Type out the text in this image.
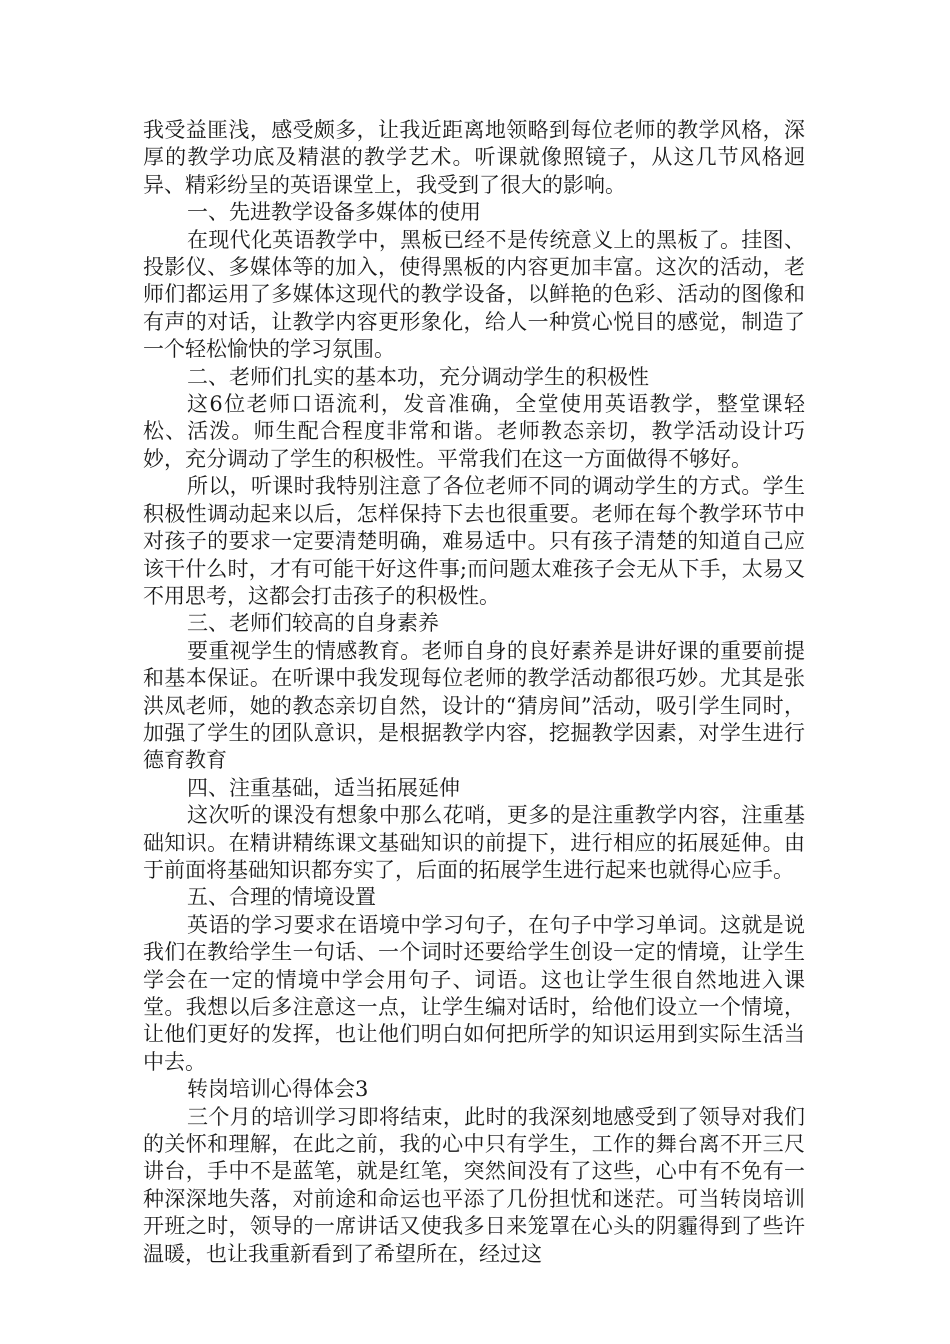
我受益匪浅，感受颇多，让我近距离地领略到每位老师的教学风格，深厚的教学功底及精湛的教学艺术。听课就像照镜子，从这几节风格迥异、精彩纷呈的英语课堂上，我受到了很大的影响。

一、先进教学设备多媒体的使用

在现代化英语教学中，黑板已经不是传统意义上的黑板了。挂图、投影仪、多媒体等的加入，使得黑板的内容更加丰富。这次的活动，老师们都运用了多媒体这现代的教学设备，以鲜艳的色彩、活动的图像和有声的对话，让教学内容更形象化，给人一种赏心悦目的感觉，制造了一个轻松愉快的学习氛围。

二、老师们扎实的基本功，充分调动学生的积极性

这6位老师口语流利，发音准确，全堂使用英语教学，整堂课轻松、活泼。师生配合程度非常和谐。老师教态亲切，教学活动设计巧妙，充分调动了学生的积极性。平常我们在这一方面做得不够好。

所以，听课时我特别注意了各位老师不同的调动学生的方式。学生积极性调动起来以后，怎样保持下去也很重要。老师在每个教学环节中对孩子的要求一定要清楚明确，难易适中。只有孩子清楚的知道自己应该干什么时，才有可能干好这件事;而问题太难孩子会无从下手，太易又不用思考，这都会打击孩子的积极性。

三、老师们较高的自身素养

要重视学生的情感教育。老师自身的良好素养是讲好课的重要前提和基本保证。在听课中我发现每位老师的教学活动都很巧妙。尤其是张洪凤老师，她的教态亲切自然，设计的“猜房间”活动，吸引学生同时，加强了学生的团队意识，是根据教学内容，挖掘教学因素，对学生进行德育教育

四、注重基础，适当拓展延伸

这次听的课没有想象中那么花哨，更多的是注重教学内容，注重基础知识。在精讲精练课文基础知识的前提下，进行相应的拓展延伸。由于前面将基础知识都夯实了，后面的拓展学生进行起来也就得心应手。

五、合理的情境设置

英语的学习要求在语境中学习句子，在句子中学习单词。这就是说我们在教给学生一句话、一个词时还要给学生创设一定的情境，让学生学会在一定的情境中学会用句子、词语。这也让学生很自然地进入课堂。我想以后多注意这一点，让学生编对话时，给他们设立一个情境，让他们更好的发挥，也让他们明白如何把所学的知识运用到实际生活当中去。

转岗培训心得体会3

三个月的培训学习即将结束，此时的我深刻地感受到了领导对我们的关怀和理解，在此之前，我的心中只有学生，工作的舞台离不开三尺讲台，手中不是蓝笔，就是红笔，突然间没有了这些，心中有不免有一种深深地失落，对前途和命运也平添了几份担忧和迷茫。可当转岗培训开班之时，领导的一席讲话又使我多日来笼罩在心头的阴霾得到了些许温暖，也让我重新看到了希望所在，经过这
